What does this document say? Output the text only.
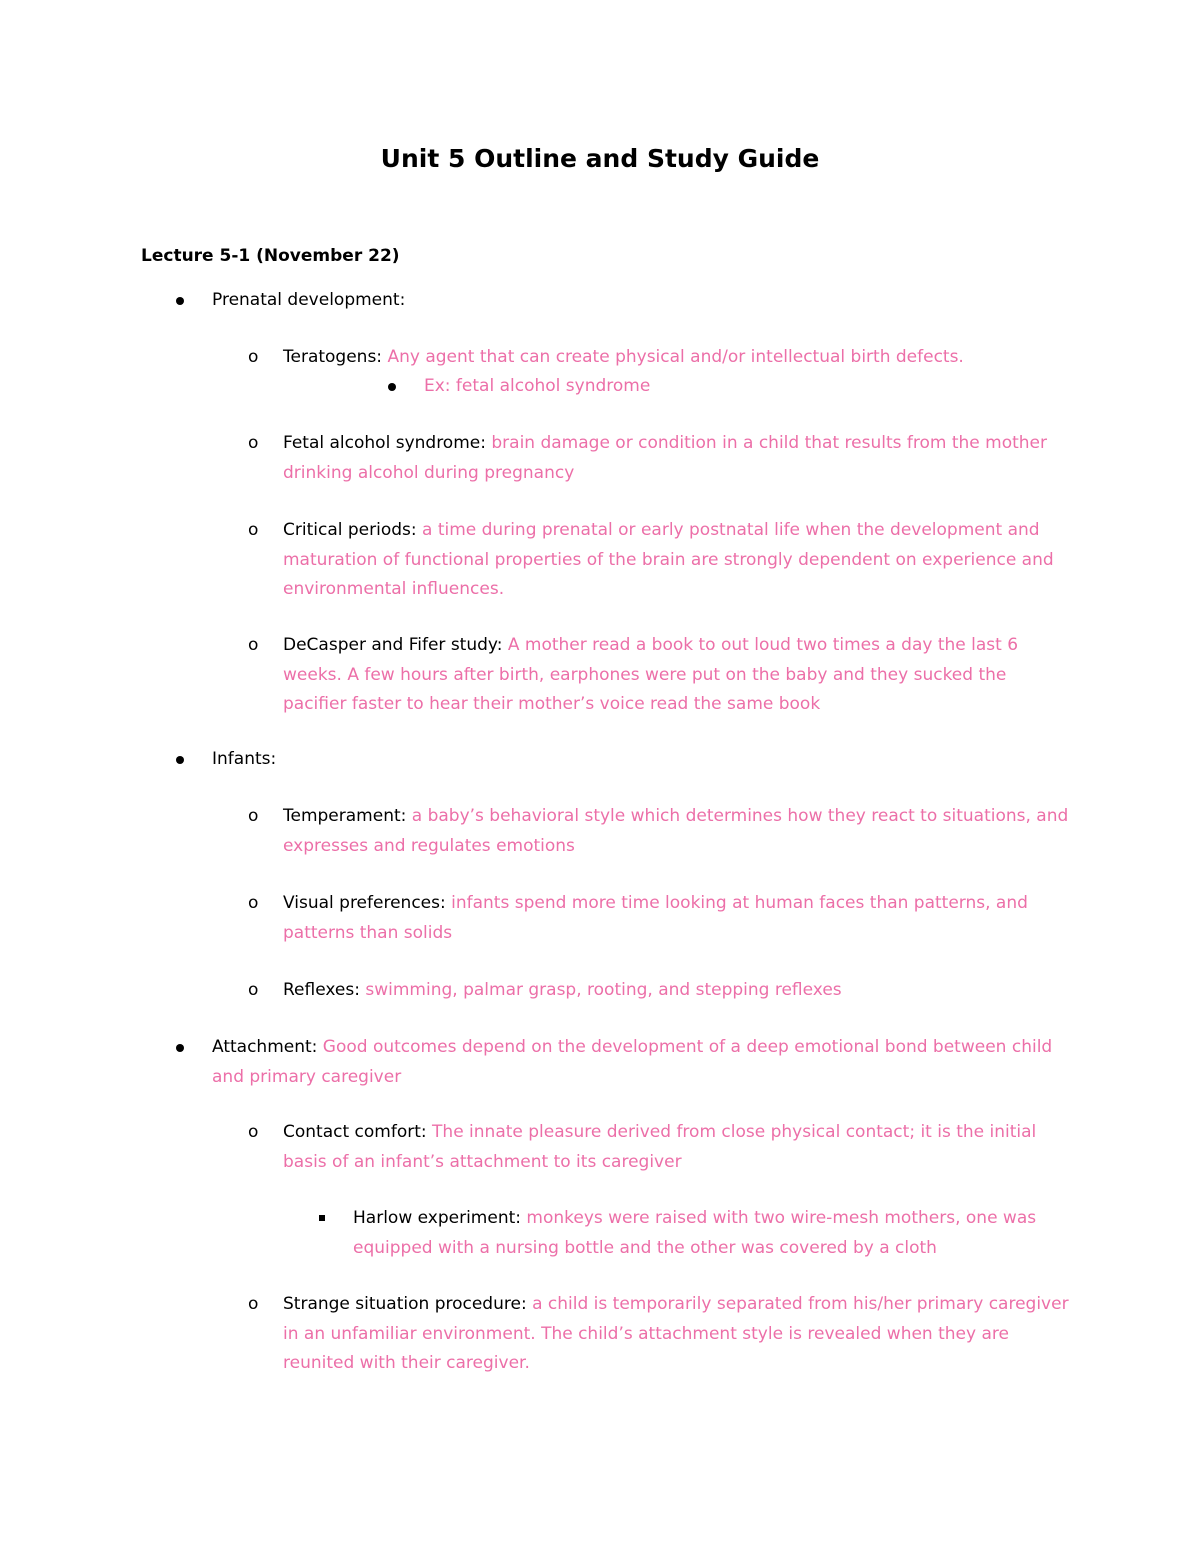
Unit 5 Outline and Study Guide

Lecture 5-1 (November 22)

Prenatal development:

o Teratogens: Any agent that can create physical and/or intellectual birth defects.

Ex: fetal alcohol syndrome

o Fetal alcohol syndrome: brain damage or condition in a child that results from the mother drinking alcohol during pregnancy

o Critical periods: a time during prenatal or early postnatal life when the development and maturation of functional properties of the brain are strongly dependent on experience and environmental influences.

o DeCasper and Fifer study: A mother read a book to out loud two times a day the last 6 weeks. A few hours after birth, earphones were put on the baby and they sucked the pacifier faster to hear their mother’s voice read the same book

Infants:

o Temperament: a baby’s behavioral style which determines how they react to situations, and expresses and regulates emotions

o Visual preferences: infants spend more time looking at human faces than patterns, and patterns than solids

o Reflexes: swimming, palmar grasp, rooting, and stepping reflexes

Attachment: Good outcomes depend on the development of a deep emotional bond between child and primary caregiver

o Contact comfort: The innate pleasure derived from close physical contact; it is the initial basis of an infant’s attachment to its caregiver

Harlow experiment: monkeys were raised with two wire-mesh mothers, one was equipped with a nursing bottle and the other was covered by a cloth

o Strange situation procedure: a child is temporarily separated from his/her primary caregiver in an unfamiliar environment. The child’s attachment style is revealed when they are reunited with their caregiver.
